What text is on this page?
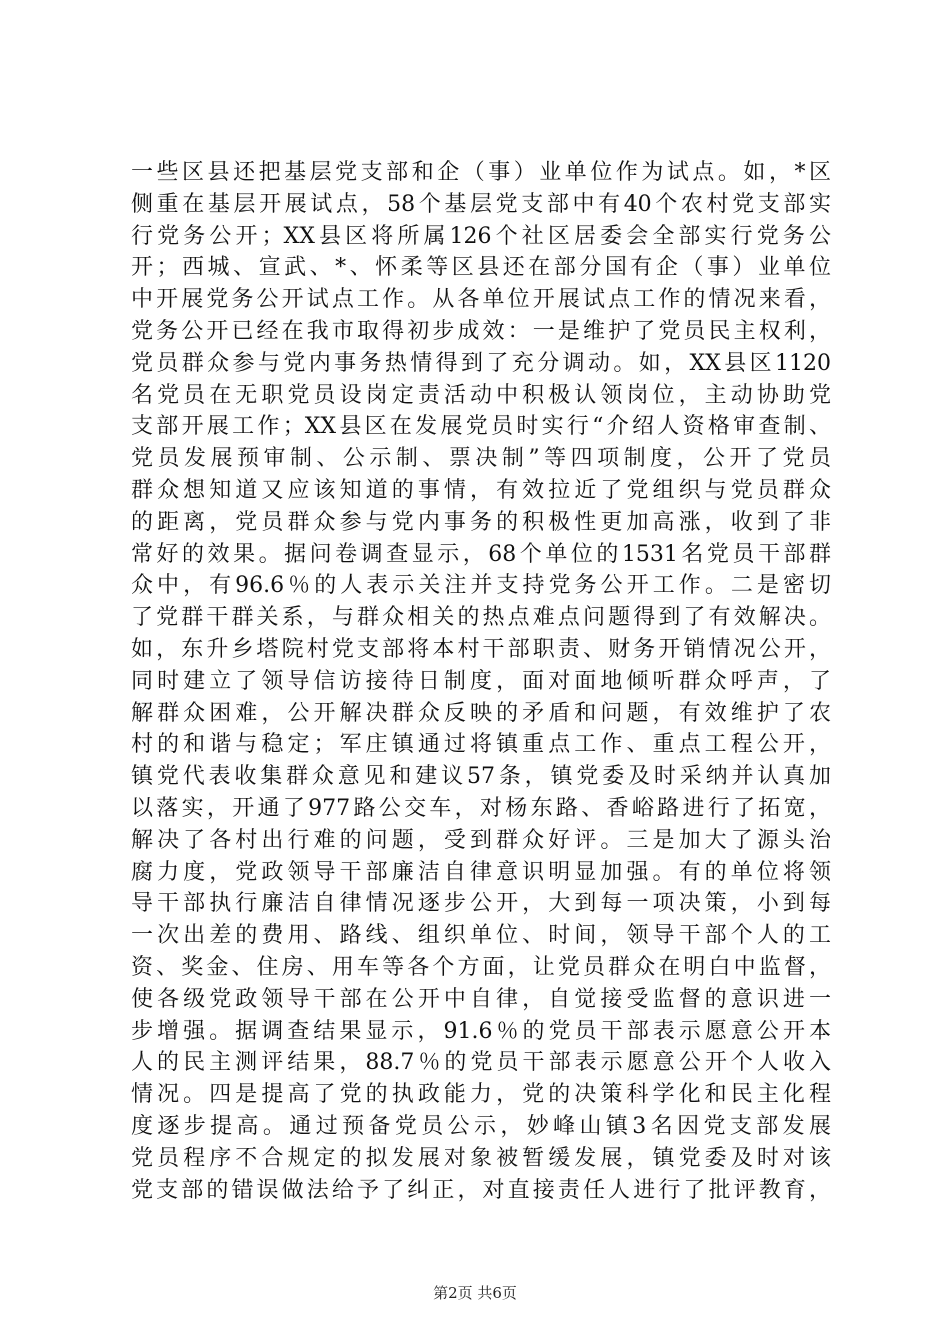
一些区县还把基层党支部和企（事）业单位作为试点。如，*区
侧重在基层开展试点，58个基层党支部中有40个农村党支部实
行党务公开；XX县区将所属126个社区居委会全部实行党务公
开；西城、宣武、*、怀柔等区县还在部分国有企（事）业单位
中开展党务公开试点工作。从各单位开展试点工作的情况来看，
党务公开已经在我市取得初步成效：一是维护了党员民主权利，
党员群众参与党内事务热情得到了充分调动。如，XX县区1120
名党员在无职党员设岗定责活动中积极认领岗位，主动协助党
支部开展工作；XX县区在发展党员时实行“介绍人资格审查制、
党员发展预审制、公示制、票决制”等四项制度，公开了党员
群众想知道又应该知道的事情，有效拉近了党组织与党员群众
的距离，党员群众参与党内事务的积极性更加高涨，收到了非
常好的效果。据问卷调查显示，68个单位的1531名党员干部群
众中，有96.6％的人表示关注并支持党务公开工作。二是密切
了党群干群关系，与群众相关的热点难点问题得到了有效解决。
如，东升乡塔院村党支部将本村干部职责、财务开销情况公开，
同时建立了领导信访接待日制度，面对面地倾听群众呼声，了
解群众困难，公开解决群众反映的矛盾和问题，有效维护了农
村的和谐与稳定；军庄镇通过将镇重点工作、重点工程公开，
镇党代表收集群众意见和建议57条，镇党委及时采纳并认真加
以落实，开通了977路公交车，对杨东路、香峪路进行了拓宽，
解决了各村出行难的问题，受到群众好评。三是加大了源头治
腐力度，党政领导干部廉洁自律意识明显加强。有的单位将领
导干部执行廉洁自律情况逐步公开，大到每一项决策，小到每
一次出差的费用、路线、组织单位、时间，领导干部个人的工
资、奖金、住房、用车等各个方面，让党员群众在明白中监督，
使各级党政领导干部在公开中自律，自觉接受监督的意识进一
步增强。据调查结果显示，91.6％的党员干部表示愿意公开本
人的民主测评结果，88.7％的党员干部表示愿意公开个人收入
情况。四是提高了党的执政能力，党的决策科学化和民主化程
度逐步提高。通过预备党员公示，妙峰山镇3名因党支部发展
党员程序不合规定的拟发展对象被暂缓发展，镇党委及时对该
党支部的错误做法给予了纠正，对直接责任人进行了批评教育，
第2页 共6页
